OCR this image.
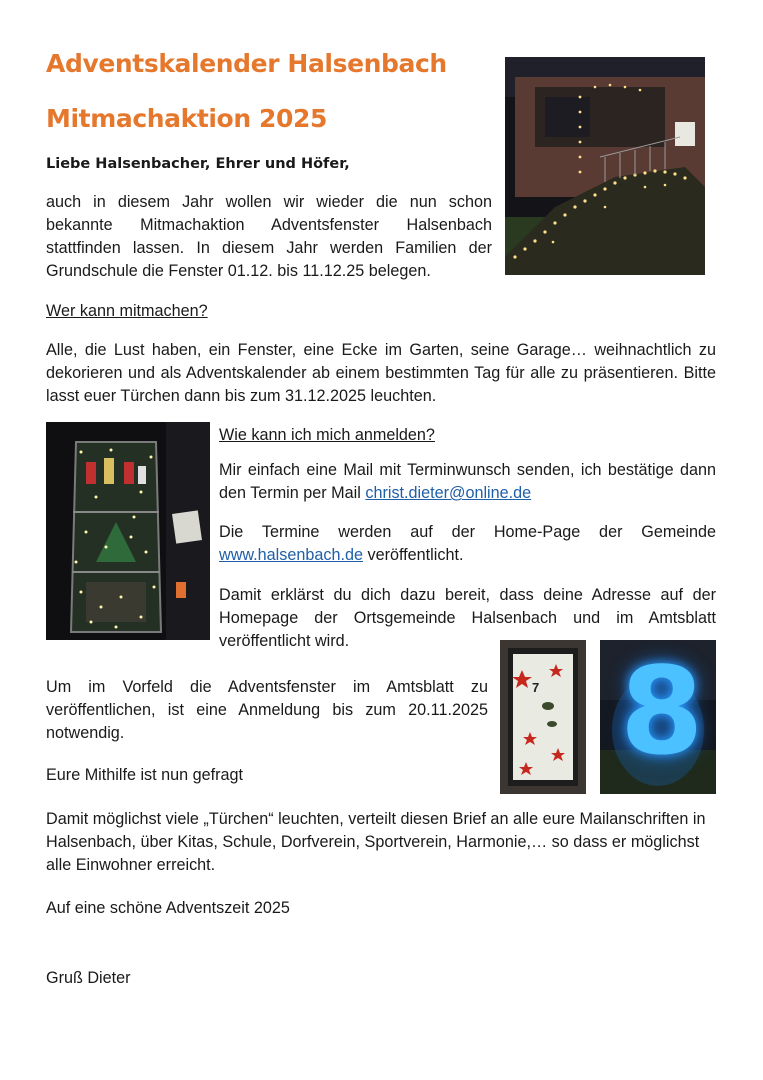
Adventskalender Halsenbach
Mitmachaktion 2025
Liebe Halsenbacher, Ehrer und Höfer,
auch in diesem Jahr wollen wir wieder die nun schon bekannte Mitmachaktion Adventsfenster Halsenbach stattfinden lassen. In diesem Jahr werden Familien der Grundschule die Fenster 01.12. bis 11.12.25 belegen.
Wer kann mitmachen?
Alle, die Lust haben, ein Fenster, eine Ecke im Garten, seine Garage… weihnachtlich zu dekorieren und als Adventskalender ab einem bestimmten Tag für alle zu präsentieren. Bitte lasst euer Türchen dann bis zum 31.12.2025 leuchten.
Wie kann ich mich anmelden?
Mir einfach eine Mail mit Terminwunsch senden, ich bestätige dann den Termin per Mail christ.dieter@online.de
Die Termine werden auf der Home-Page der Gemeinde www.halsenbach.de veröffentlicht.
Damit erklärst du dich dazu bereit, dass deine Adresse auf der Homepage der Ortsgemeinde Halsenbach und im Amtsblatt veröffentlicht wird.
7 8
Um im Vorfeld die Adventsfenster im Amtsblatt zu veröffentlichen, ist eine Anmeldung bis zum 20.11.2025 notwendig.
Eure Mithilfe ist nun gefragt
Damit möglichst viele „Türchen“ leuchten, verteilt diesen Brief an alle eure Mailanschriften in Halsenbach, über Kitas, Schule, Dorfverein, Sportverein, Harmonie,… so dass er möglichst alle Einwohner erreicht.
Auf eine schöne Adventszeit 2025
Gruß Dieter
